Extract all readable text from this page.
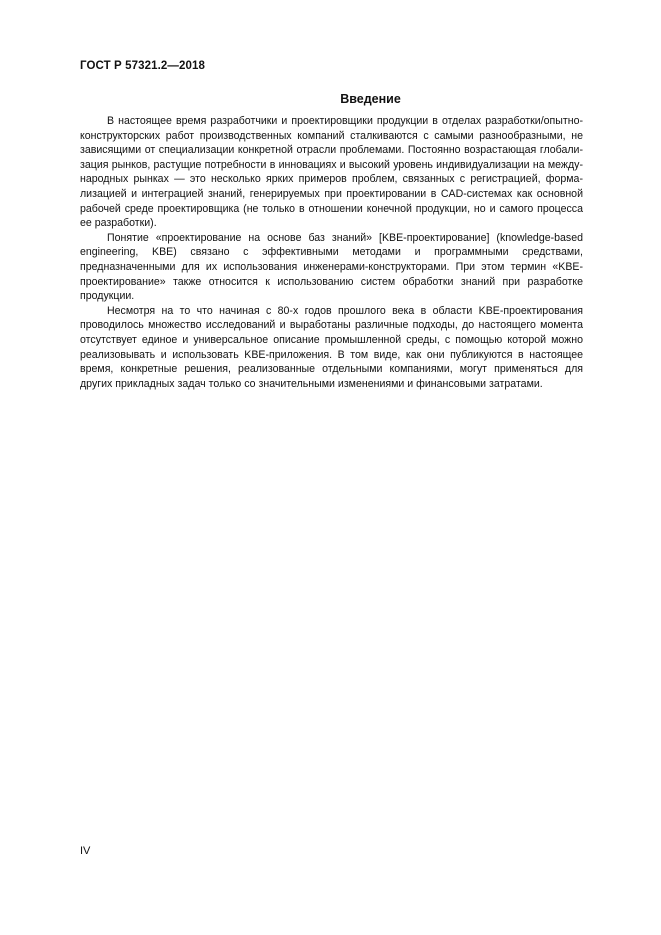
ГОСТ Р 57321.2—2018
Введение

В настоящее время разработчики и проектировщики продукции в отделах разработки/опытно-конструкторских работ производственных компаний сталкиваются с самыми разнообразными, не зависящими от специализации конкретной отрасли проблемами. Постоянно возрастающая глобализация рынков, растущие потребности в инновациях и высокий уровень индивидуализации на международных рынках — это несколько ярких примеров проблем, связанных с регистрацией, формализацией и интеграцией знаний, генерируемых при проектировании в CAD-системах как основной рабочей среде проектировщика (не только в отношении конечной продукции, но и самого процесса ее разработки).

Понятие «проектирование на основе баз знаний» [KBE-проектирование] (knowledge-based engineering, KBE) связано с эффективными методами и программными средствами, предназначенными для их использования инженерами-конструкторами. При этом термин «KBE-проектирование» также относится к использованию систем обработки знаний при разработке продукции.

Несмотря на то что начиная с 80-х годов прошлого века в области KBE-проектирования проводилось множество исследований и выработаны различные подходы, до настоящего момента отсутствует единое и универсальное описание промышленной среды, с помощью которой можно реализовывать и использовать KBE-приложения. В том виде, как они публикуются в настоящее время, конкретные решения, реализованные отдельными компаниями, могут применяться для других прикладных задач только со значительными изменениями и финансовыми затратами.

IV
